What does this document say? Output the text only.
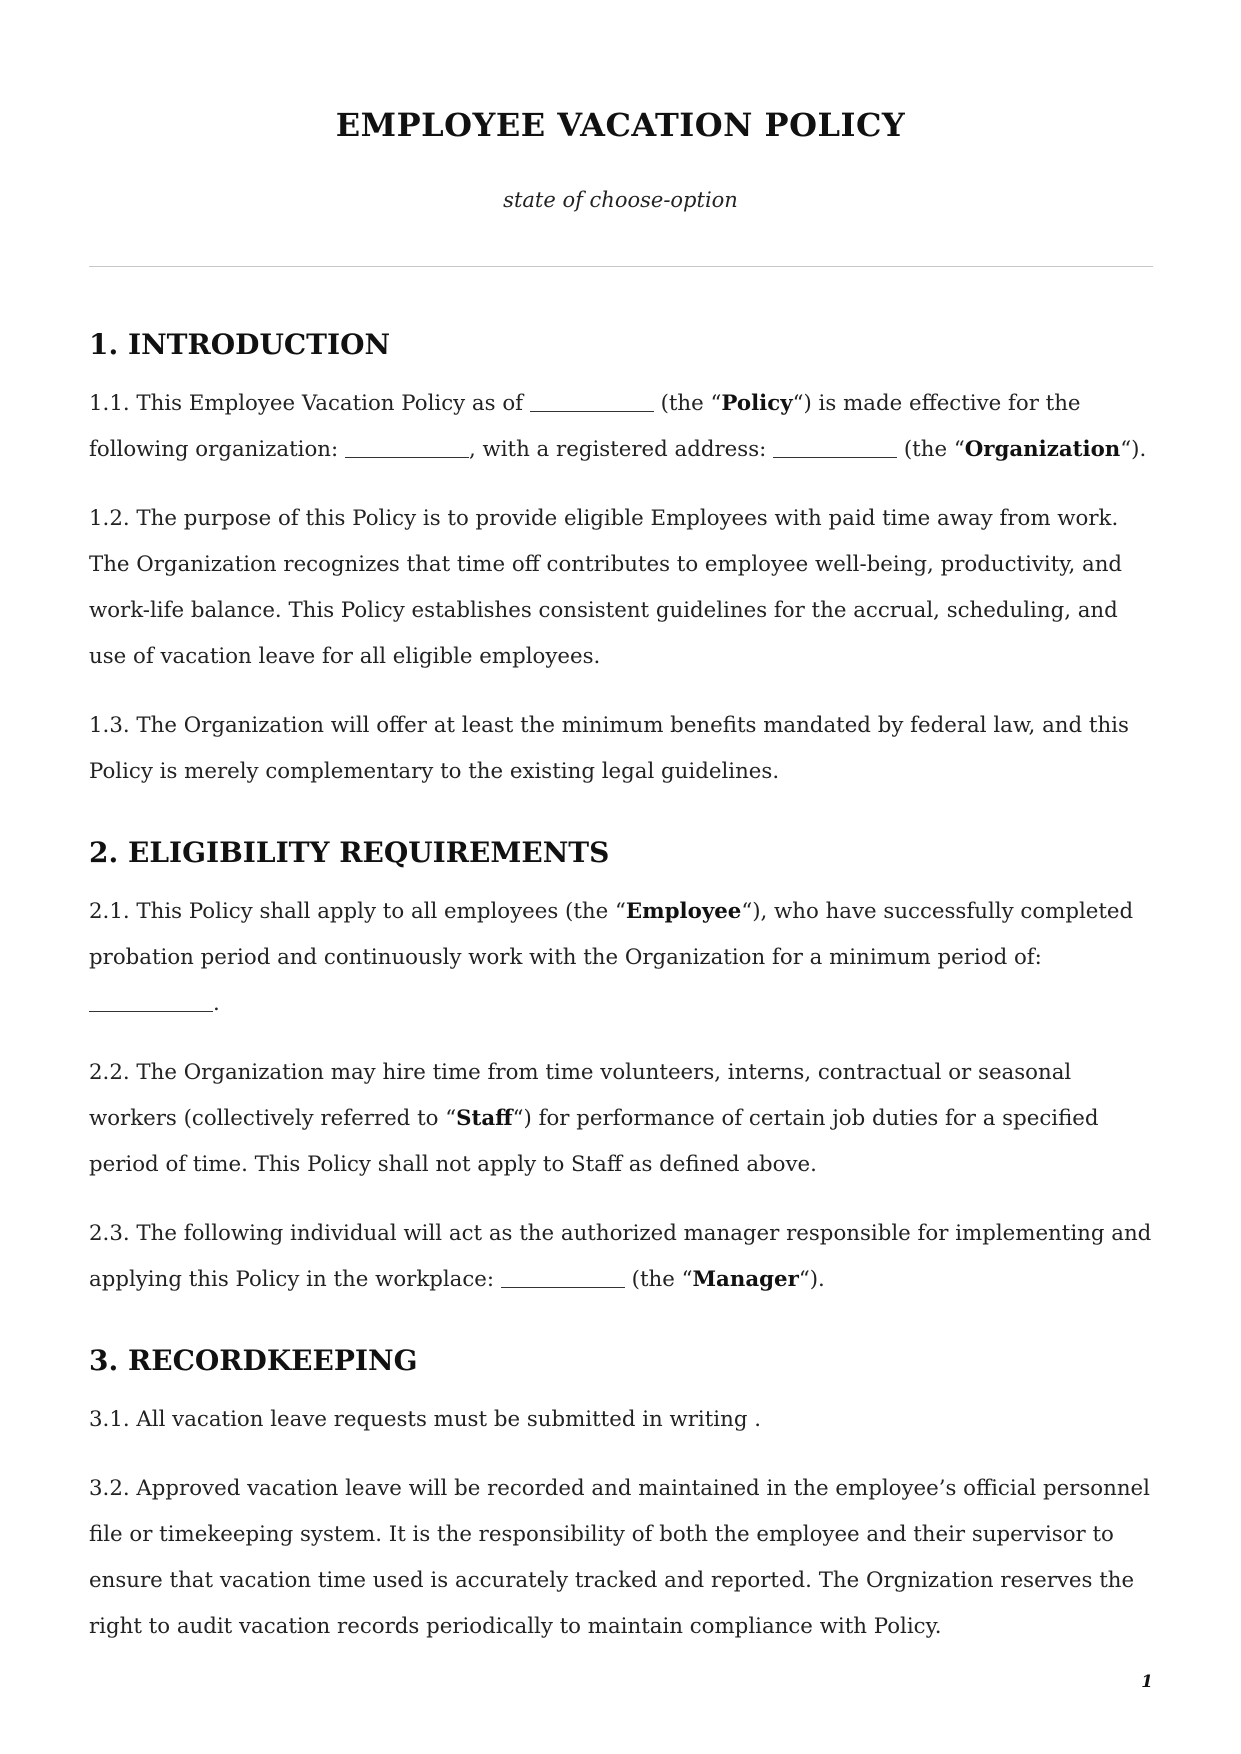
EMPLOYEE VACATION POLICY
state of choose-option
1. INTRODUCTION

1.1. This Employee Vacation Policy as of	(the “Policy“) is made effective for the following organization:	, with a registered address:	(the “Organization“).

1.2. The purpose of this Policy is to provide eligible Employees with paid time away from work. The Organization recognizes that time off contributes to employee well-being, productivity, and work-life balance. This Policy establishes consistent guidelines for the accrual, scheduling, and use of vacation leave for all eligible employees.

1.3. The Organization will offer at least the minimum benefits mandated by federal law, and this Policy is merely complementary to the existing legal guidelines.

2. ELIGIBILITY REQUIREMENTS

2.1. This Policy shall apply to all employees (the “Employee“), who have successfully completed probation period and continuously work with the Organization for a minimum period of: .

2.2. The Organization may hire time from time volunteers, interns, contractual or seasonal workers (collectively referred to “Staff“) for performance of certain job duties for a specified period of time. This Policy shall not apply to Staff as defined above.

2.3. The following individual will act as the authorized manager responsible for implementing and applying this Policy in the workplace:	(the “Manager“).

3. RECORDKEEPING

3.1. All vacation leave requests must be submitted in writing .

3.2. Approved vacation leave will be recorded and maintained in the employee’s official personnel file or timekeeping system. It is the responsibility of both the employee and their supervisor to ensure that vacation time used is accurately tracked and reported. The Orgnization reserves the right to audit vacation records periodically to maintain compliance with Policy.

1
